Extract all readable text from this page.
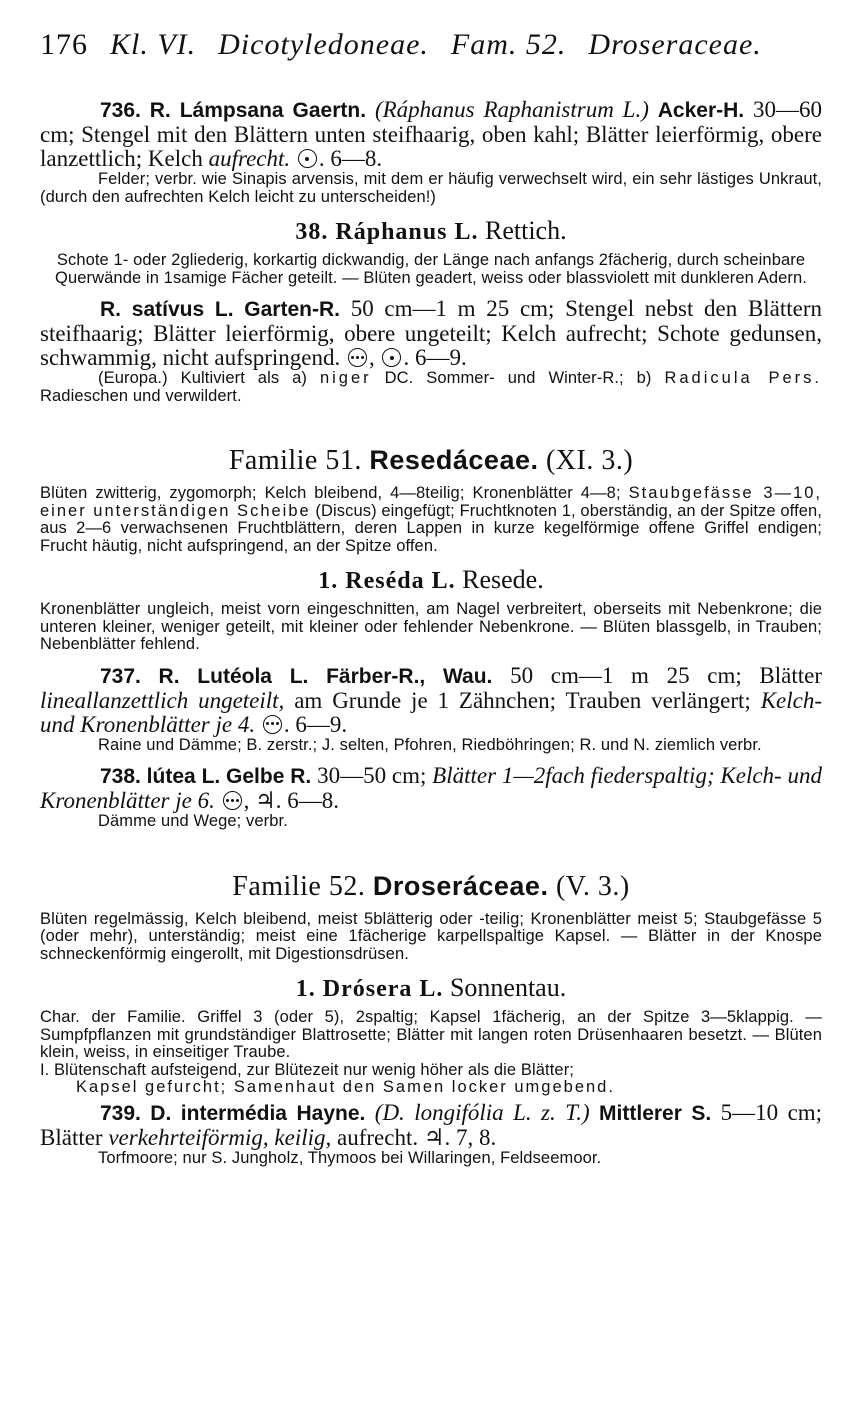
176 Kl. VI. Dicotyledoneae. Fam. 52. Droseraceae.
736. R. Lámpsana Gaertn. (Ráphanus Raphanistrum L.) Acker-H. 30—60 cm; Stengel mit den Blättern unten steifhaarig, oben kahl; Blätter leierförmig, obere lanzettlich; Kelch aufrecht. . 6—8.
Felder; verbr. wie Sinapis arvensis, mit dem er häufig verwechselt wird, ein sehr lästiges Unkraut, (durch den aufrechten Kelch leicht zu unterscheiden!)
38. Ráphanus L. Rettich.
Schote 1- oder 2gliederig, korkartig dickwandig, der Länge nach anfangs 2fächerig, durch scheinbare Querwände in 1samige Fächer geteilt. — Blüten geadert, weiss oder blassviolett mit dunkleren Adern.
R. satívus L. Garten-R. 50 cm—1 m 25 cm; Stengel nebst den Blättern steifhaarig; Blätter leierförmig, obere ungeteilt; Kelch aufrecht; Schote gedunsen, schwammig, nicht aufspringend. , . 6—9.
(Europa.) Kultiviert als a) niger DC. Sommer- und Winter-R.; b) Radicula Pers. Radieschen und verwildert.
Familie 51. Resedáceae. (XI. 3.)
Blüten zwitterig, zygomorph; Kelch bleibend, 4—8teilig; Kronenblätter 4—8; Staubgefässe 3—10, einer unterständigen Scheibe (Discus) eingefügt; Fruchtknoten 1, oberständig, an der Spitze offen, aus 2—6 verwachsenen Fruchtblättern, deren Lappen in kurze kegelförmige offene Griffel endigen; Frucht häutig, nicht aufspringend, an der Spitze offen.
1. Reséda L. Resede.
Kronenblätter ungleich, meist vorn eingeschnitten, am Nagel verbreitert, oberseits mit Nebenkrone; die unteren kleiner, weniger geteilt, mit kleiner oder fehlender Nebenkrone. — Blüten blassgelb, in Trauben; Nebenblätter fehlend.
737. R. Lutéola L. Färber-R., Wau. 50 cm—1 m 25 cm; Blätter lineallanzettlich ungeteilt, am Grunde je 1 Zähnchen; Trauben verlängert; Kelch- und Kronenblätter je 4. . 6—9.
Raine und Dämme; B. zerstr.; J. selten, Pfohren, Riedböhringen; R. und N. ziemlich verbr.
738. lútea L. Gelbe R. 30—50 cm; Blätter 1—2fach fiederspaltig; Kelch- und Kronenblätter je 6. , ♃. 6—8.
Dämme und Wege; verbr.
Familie 52. Droseráceae. (V. 3.)
Blüten regelmässig, Kelch bleibend, meist 5blätterig oder -teilig; Kronenblätter meist 5; Staubgefässe 5 (oder mehr), unterständig; meist eine 1fächerige karpellspaltige Kapsel. — Blätter in der Knospe schneckenförmig eingerollt, mit Digestionsdrüsen.
1. Drósera L. Sonnentau.
Char. der Familie. Griffel 3 (oder 5), 2spaltig; Kapsel 1fächerig, an der Spitze 3—5klappig. — Sumpfpflanzen mit grundständiger Blattrosette; Blätter mit langen roten Drüsenhaaren besetzt. — Blüten klein, weiss, in einseitiger Traube.
I. Blütenschaft aufsteigend, zur Blütezeit nur wenig höher als die Blätter;
Kapsel gefurcht; Samenhaut den Samen locker umgebend.
739. D. intermédia Hayne. (D. longifólia L. z. T.) Mittlerer S. 5—10 cm; Blätter verkehrteiförmig, keilig, aufrecht. ♃. 7, 8.
Torfmoore; nur S. Jungholz, Thymoos bei Willaringen, Feldseemoor.
